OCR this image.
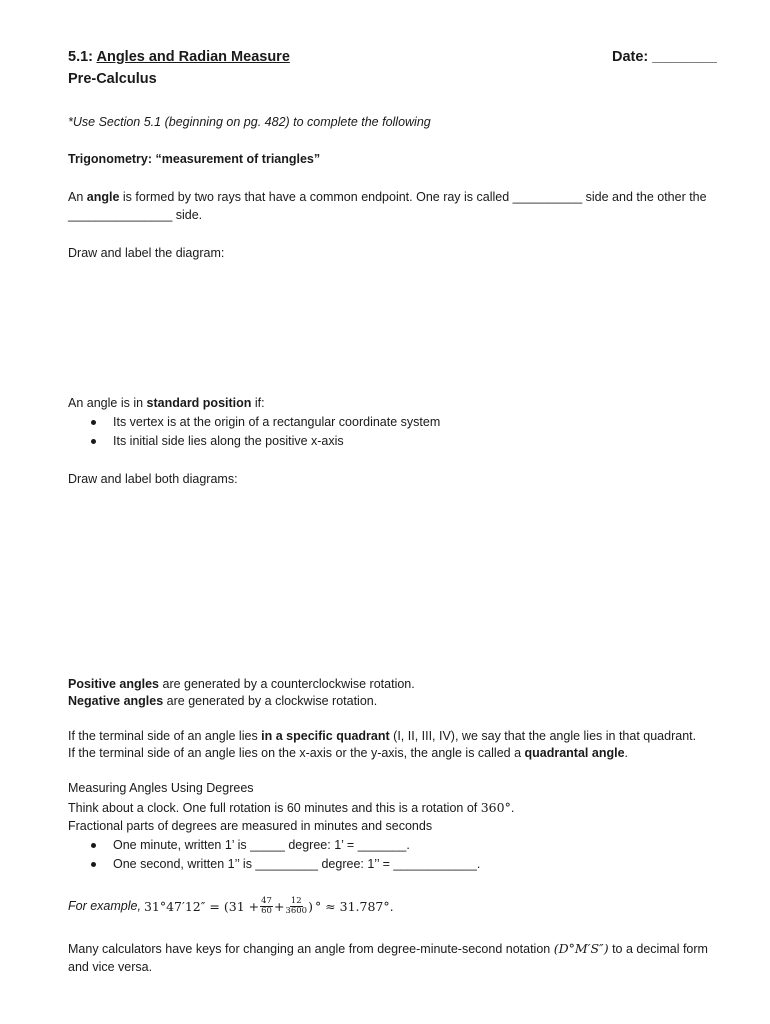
5.1: Angles and Radian Measure
Pre-Calculus
Date: ________
*Use Section 5.1 (beginning on pg. 482) to complete the following
Trigonometry: “measurement of triangles”
An angle is formed by two rays that have a common endpoint. One ray is called __________ side and the other the
_______________ side.
Draw and label the diagram:
An angle is in standard position if:
Its vertex is at the origin of a rectangular coordinate system
Its initial side lies along the positive x-axis
Draw and label both diagrams:
Positive angles are generated by a counterclockwise rotation.
Negative angles are generated by a clockwise rotation.
If the terminal side of an angle lies in a specific quadrant (I, II, III, IV), we say that the angle lies in that quadrant.
If the terminal side of an angle lies on the x-axis or the y-axis, the angle is called a quadrantal angle.
Measuring Angles Using Degrees
Think about a clock. One full rotation is 60 minutes and this is a rotation of 360°.
Fractional parts of degrees are measured in minutes and seconds
One minute, written 1’ is _____ degree: 1’ = _______.
One second, written 1’’ is _________ degree: 1’’ = ____________.
For example, $31^\circ 47'12'' = (31 + \frac{47}{60} + \frac{12}{3600}$ ) ° ≈ 31.787°.
Many calculators have keys for changing an angle from degree-minute-second notation (D°M′S″) to a decimal form
and vice versa.
